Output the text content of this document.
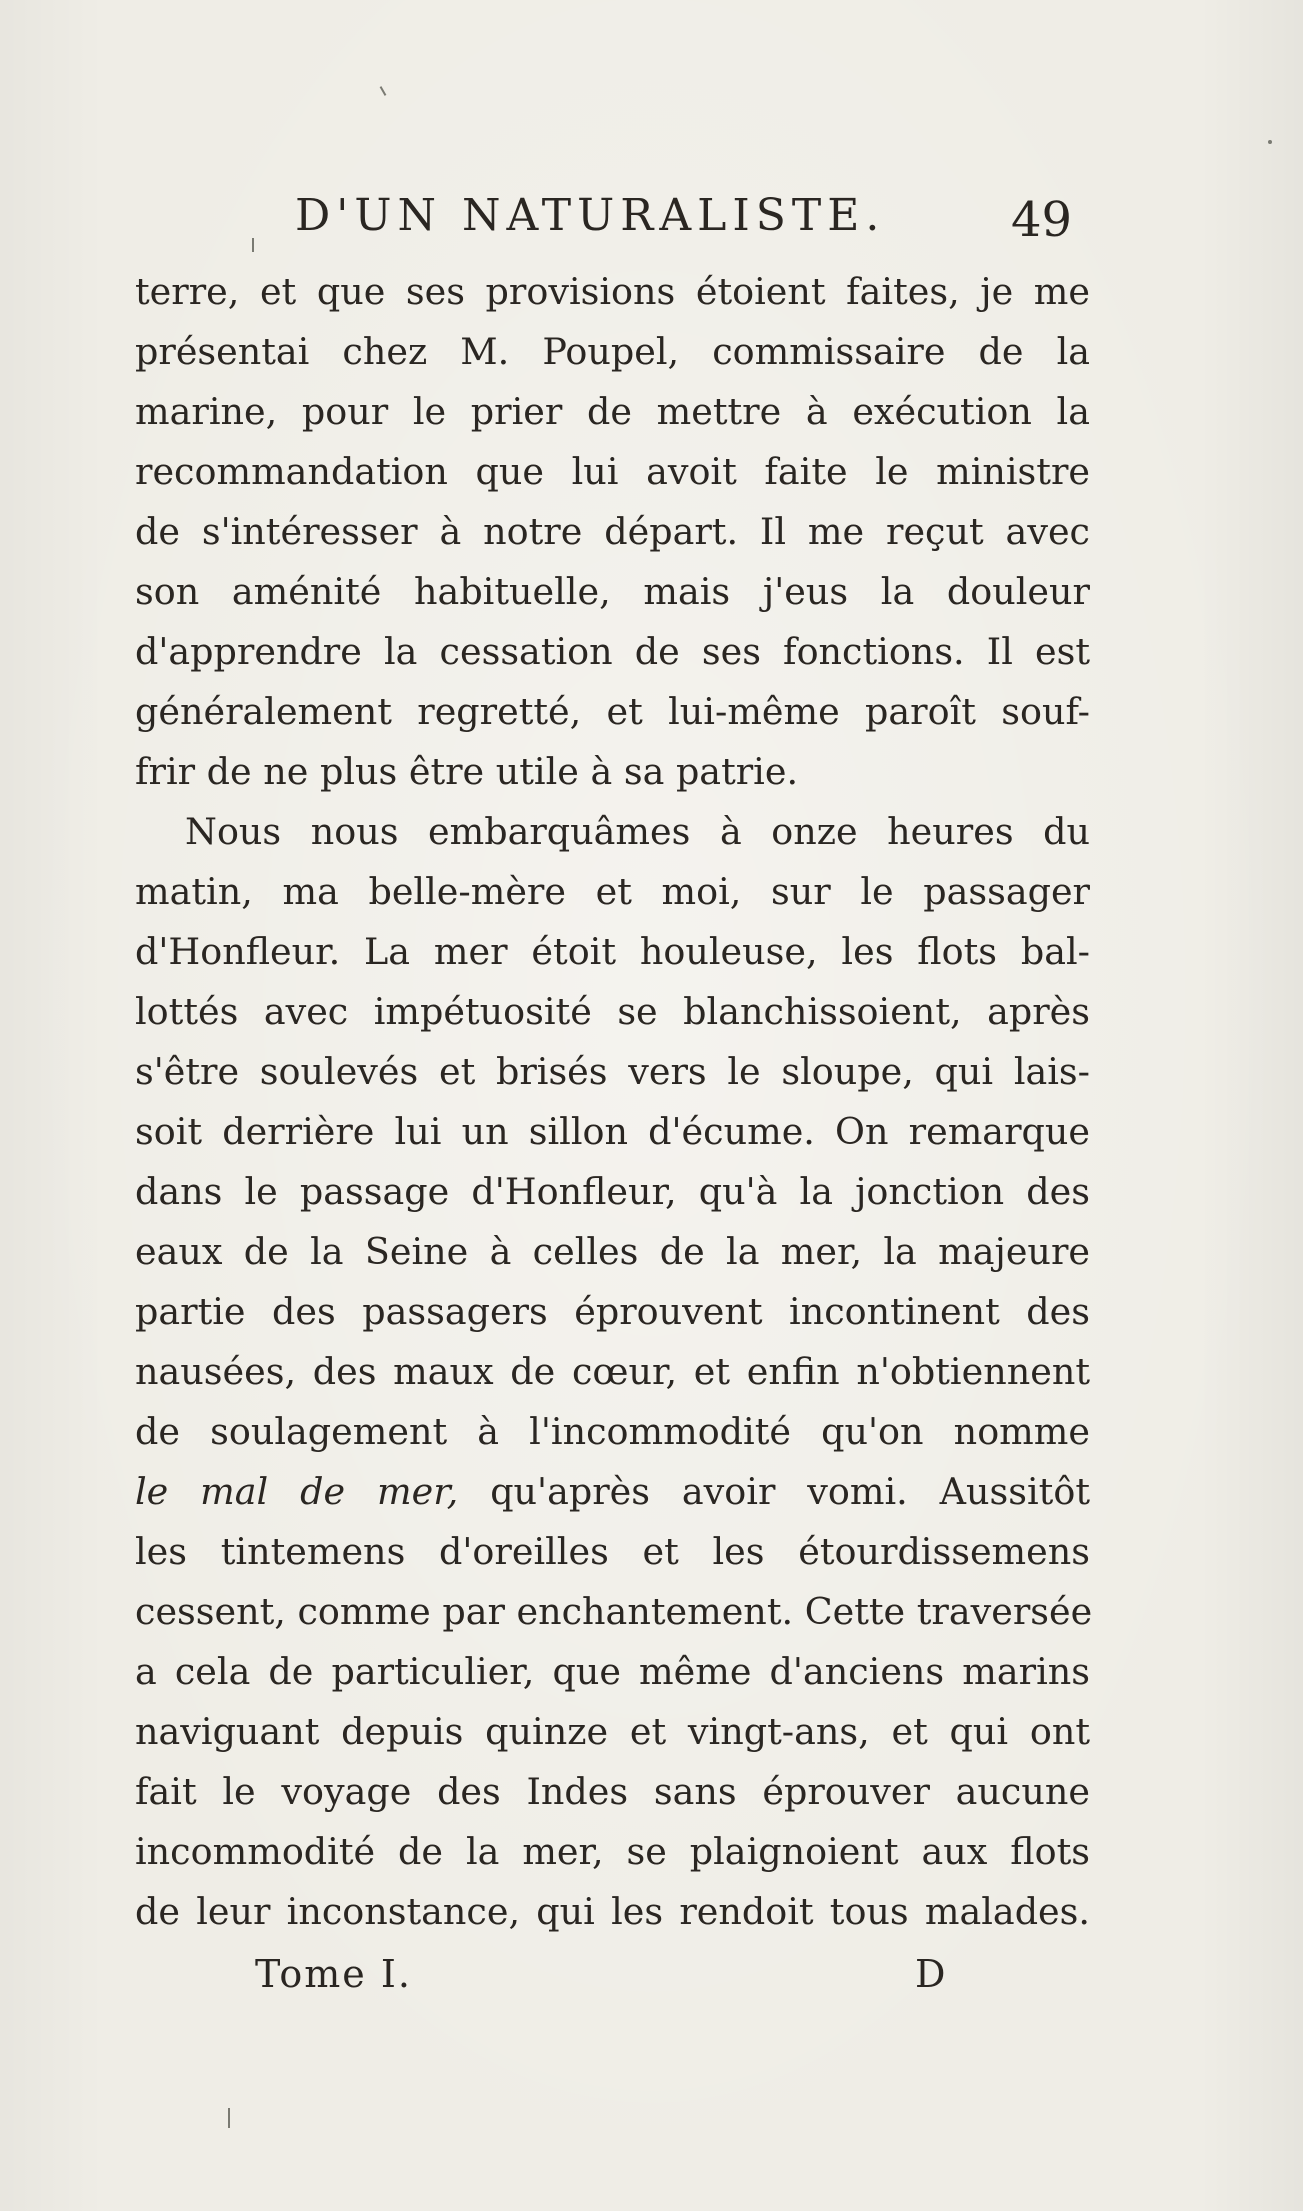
D'UN NATURALISTE.	49
terre, et que ses provisions étoient faites, je me
présentai chez M. Poupel, commissaire de la
marine, pour le prier de mettre à exécution la
recommandation que lui avoit faite le ministre
de s'intéresser à notre départ. Il me reçut avec
son aménité habituelle, mais j'eus la douleur
d'apprendre la cessation de ses fonctions. Il est
généralement regretté, et lui-même paroît souf-
frir de ne plus être utile à sa patrie.
Nous nous embarquâmes à onze heures du
matin, ma belle-mère et moi, sur le passager
d'Honfleur. La mer étoit houleuse, les flots bal-
lottés avec impétuosité se blanchissoient, après
s'être soulevés et brisés vers le sloupe, qui lais-
soit derrière lui un sillon d'écume. On remarque
dans le passage d'Honfleur, qu'à la jonction des
eaux de la Seine à celles de la mer, la majeure
partie des passagers éprouvent incontinent des
nausées, des maux de cœur, et enfin n'obtiennent
de soulagement à l'incommodité qu'on nomme
le mal de mer, qu'après avoir vomi. Aussitôt
les tintemens d'oreilles et les étourdissemens
cessent, comme par enchantement. Cette traversée
a cela de particulier, que même d'anciens marins
naviguant depuis quinze et vingt-ans, et qui ont
fait le voyage des Indes sans éprouver aucune
incommodité de la mer, se plaignoient aux flots
de leur inconstance, qui les rendoit tous malades.
Tome I.	D
